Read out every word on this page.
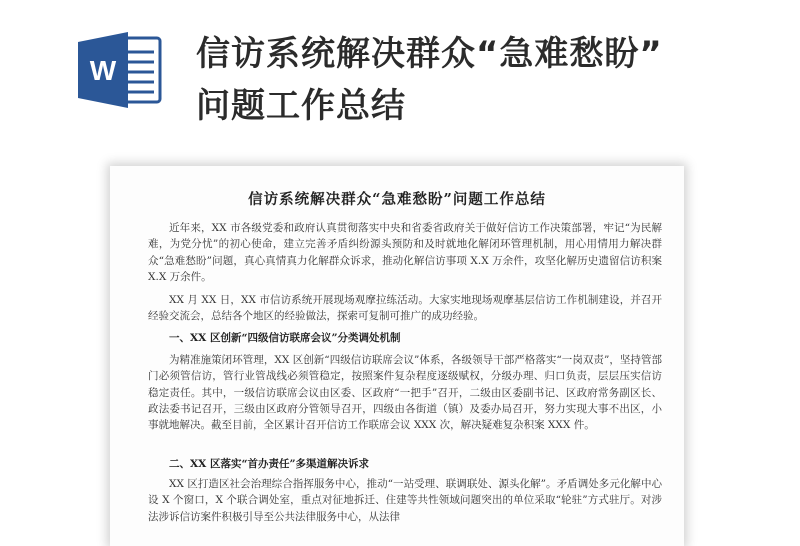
W 信访系统解决群众“急难愁盼”
问题工作总结
信访系统解决群众“急难愁盼”问题工作总结
近年来，XX 市各级党委和政府认真贯彻落实中央和省委省政府关于做好信访工作决策部署，牢记“为民解难，为党分忧”的初心使命，建立完善矛盾纠纷源头预防和及时就地化解闭环管理机制，用心用情用力解决群众“急难愁盼”问题，真心真情真力化解群众诉求，推动化解信访事项 X.X 万余件，攻坚化解历史遗留信访积案 X.X 万余件。
XX 月 XX 日，XX 市信访系统开展现场观摩拉练活动。大家实地现场观摩基层信访工作机制建设，并召开经验交流会，总结各个地区的经验做法，探索可复制可推广的成功经验。
一、XX 区创新“四级信访联席会议”分类调处机制
为精准施策闭环管理，XX 区创新“四级信访联席会议”体系，各级领导干部严格落实“一岗双责”，坚持管部门必须管信访，管行业管战线必须管稳定，按照案件复杂程度逐级赋权，分级办理、归口负责，层层压实信访稳定责任。其中，一级信访联席会议由区委、区政府“一把手”召开，二级由区委副书记、区政府常务副区长、政法委书记召开，三级由区政府分管领导召开，四级由各街道（镇）及委办局召开，努力实现大事不出区，小事就地解决。截至目前，全区累计召开信访工作联席会议 XXX 次，解决疑难复杂积案 XXX 件。
二、XX 区落实“首办责任”多渠道解决诉求
XX 区打造区社会治理综合指挥服务中心，推动“一站受理、联调联处、源头化解”。矛盾调处多元化解中心设 X 个窗口，X 个联合调处室，重点对征地拆迁、住建等共性领域问题突出的单位采取“轮驻”方式驻厅。对涉法涉诉信访案件积极引导至公共法律服务中心，从法律
